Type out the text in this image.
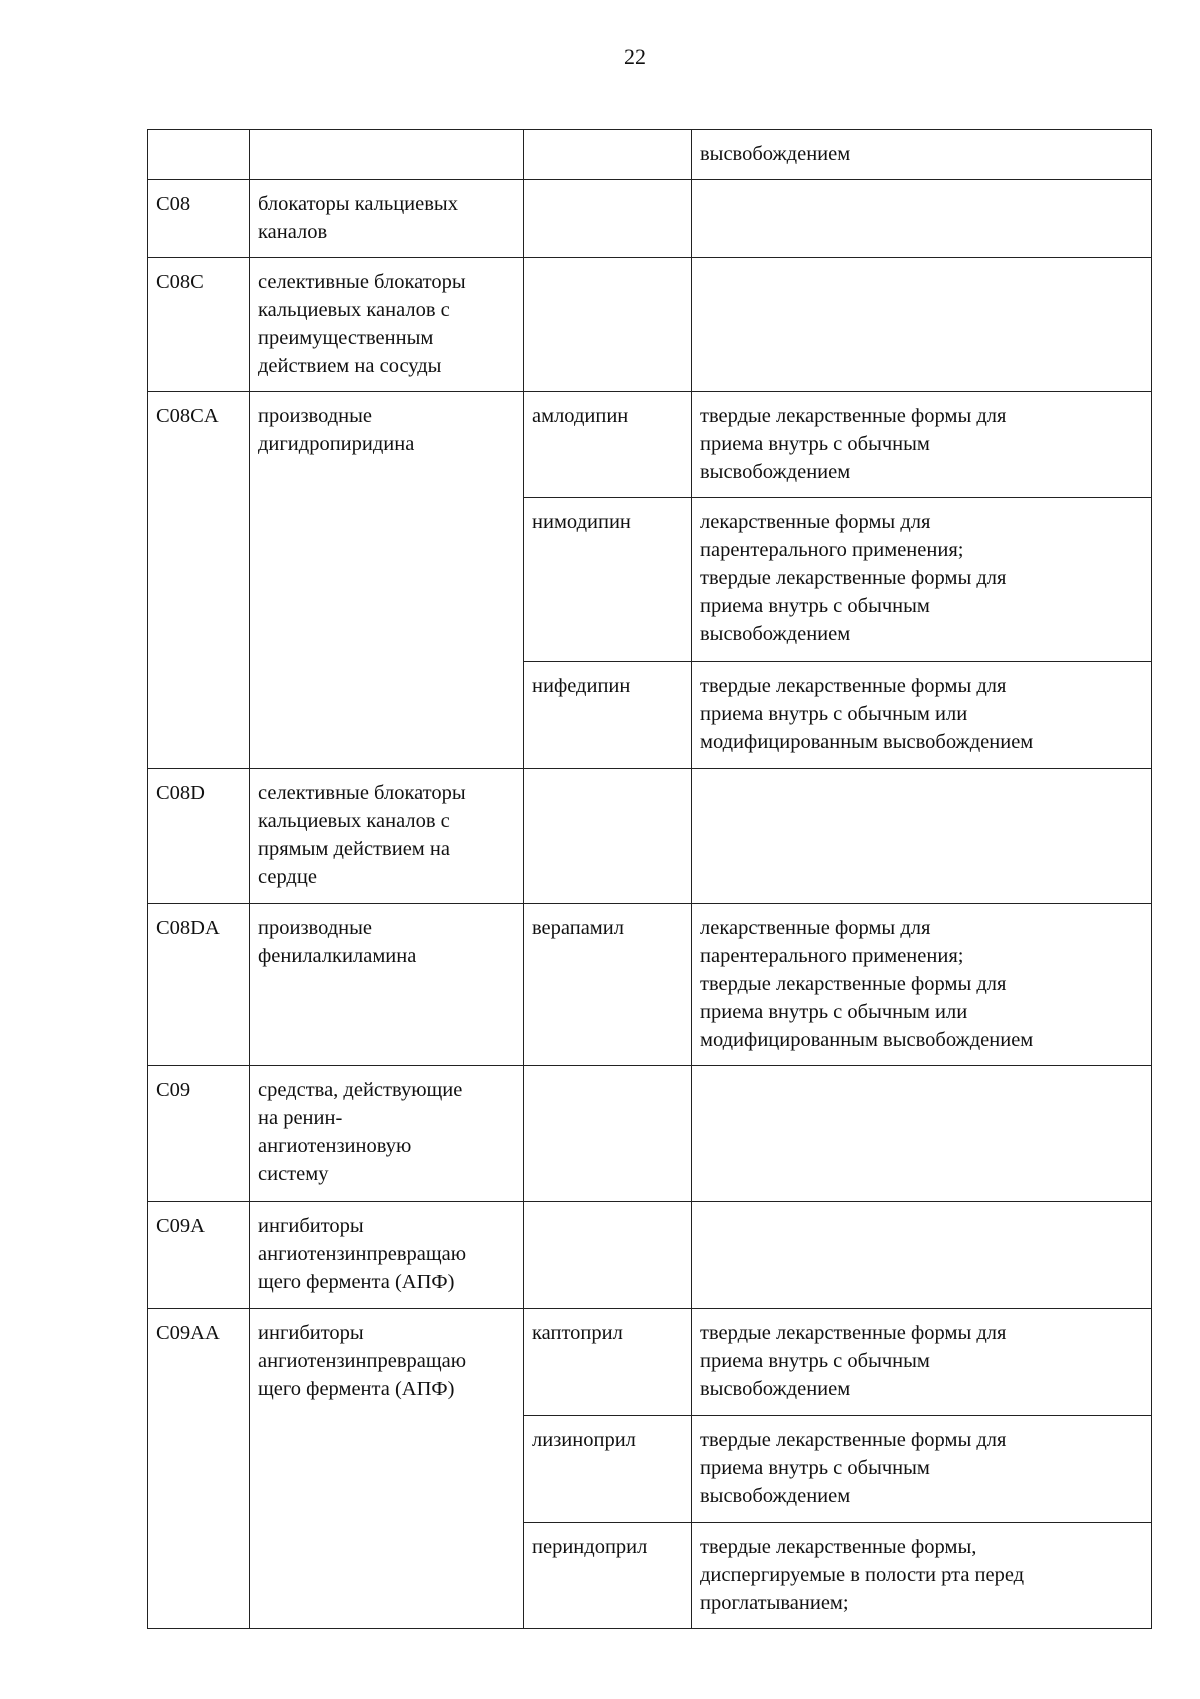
22
			высвобождением
C08	блокаторы кальциевых
каналов		
C08C	селективные блокаторы
кальциевых каналов с
преимущественным
действием на сосуды		
C08CA	производные
дигидропиридина	амлодипин	твердые лекарственные формы для
приема внутрь с обычным
высвобождением
		нимодипин	лекарственные формы для
парентерального применения;
твердые лекарственные формы для
приема внутрь с обычным
высвобождением
		нифедипин	твердые лекарственные формы для
приема внутрь с обычным или
модифицированным высвобождением
C08D	селективные блокаторы
кальциевых каналов с
прямым действием на
сердце		
C08DA	производные
фенилалкиламина	верапамил	лекарственные формы для
парентерального применения;
твердые лекарственные формы для
приема внутрь с обычным или
модифицированным высвобождением
C09	средства, действующие
на ренин-
ангиотензиновую
систему		
C09A	ингибиторы
ангиотензинпревращаю
щего фермента (АПФ)		
C09AA	ингибиторы
ангиотензинпревращаю
щего фермента (АПФ)	каптоприл	твердые лекарственные формы для
приема внутрь с обычным
высвобождением
		лизиноприл	твердые лекарственные формы для
приема внутрь с обычным
высвобождением
		периндоприл	твердые лекарственные формы,
диспергируемые в полости рта перед
проглатыванием;
